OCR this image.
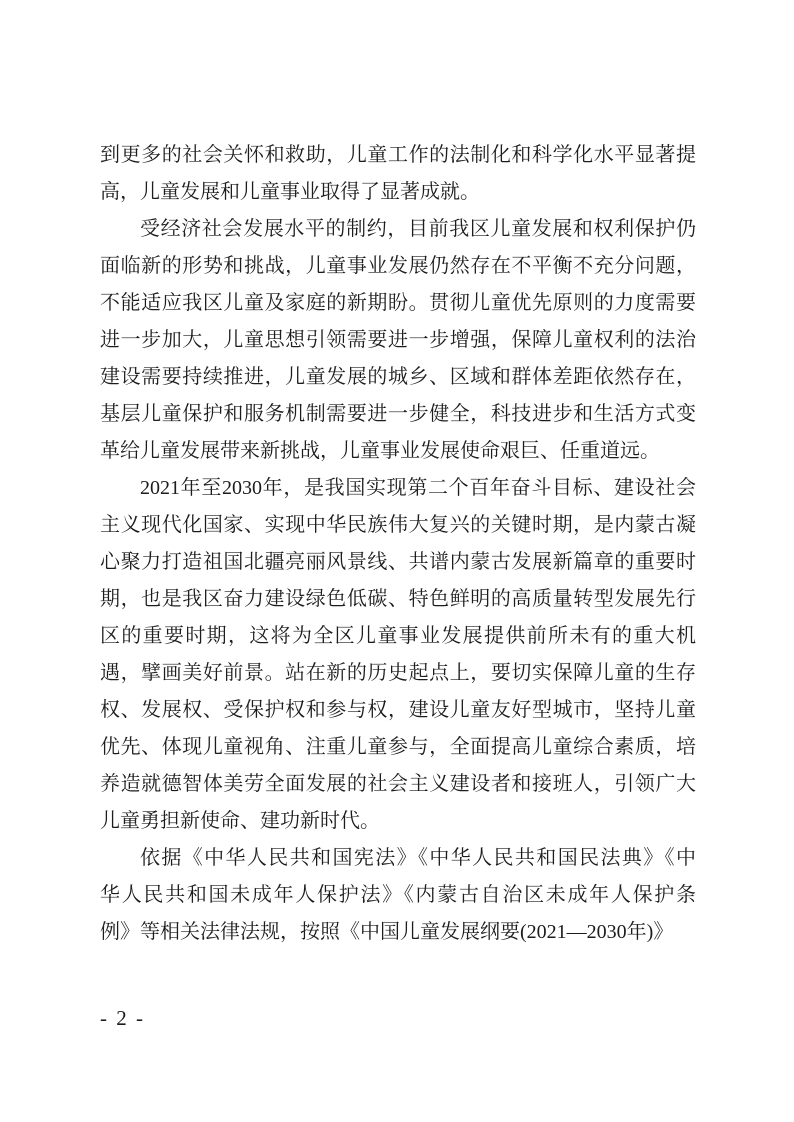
到更多的社会关怀和救助，儿童工作的法制化和科学化水平显著提
高，儿童发展和儿童事业取得了显著成就。

受经济社会发展水平的制约，目前我区儿童发展和权利保护仍
面临新的形势和挑战，儿童事业发展仍然存在不平衡不充分问题，
不能适应我区儿童及家庭的新期盼。贯彻儿童优先原则的力度需要
进一步加大，儿童思想引领需要进一步增强，保障儿童权利的法治
建设需要持续推进，儿童发展的城乡、区域和群体差距依然存在，
基层儿童保护和服务机制需要进一步健全，科技进步和生活方式变
革给儿童发展带来新挑战，儿童事业发展使命艰巨、任重道远。

2021年至2030年，是我国实现第二个百年奋斗目标、建设社会
主义现代化国家、实现中华民族伟大复兴的关键时期，是内蒙古凝
心聚力打造祖国北疆亮丽风景线、共谱内蒙古发展新篇章的重要时
期，也是我区奋力建设绿色低碳、特色鲜明的高质量转型发展先行
区的重要时期，这将为全区儿童事业发展提供前所未有的重大机
遇，擘画美好前景。站在新的历史起点上，要切实保障儿童的生存
权、发展权、受保护权和参与权，建设儿童友好型城市，坚持儿童
优先、体现儿童视角、注重儿童参与，全面提高儿童综合素质，培
养造就德智体美劳全面发展的社会主义建设者和接班人，引领广大
儿童勇担新使命、建功新时代。

依据《中华人民共和国宪法》《中华人民共和国民法典》《中
华人民共和国未成年人保护法》《内蒙古自治区未成年人保护条
例》等相关法律法规，按照《中国儿童发展纲要(2021—2030年)》

- 2 -
